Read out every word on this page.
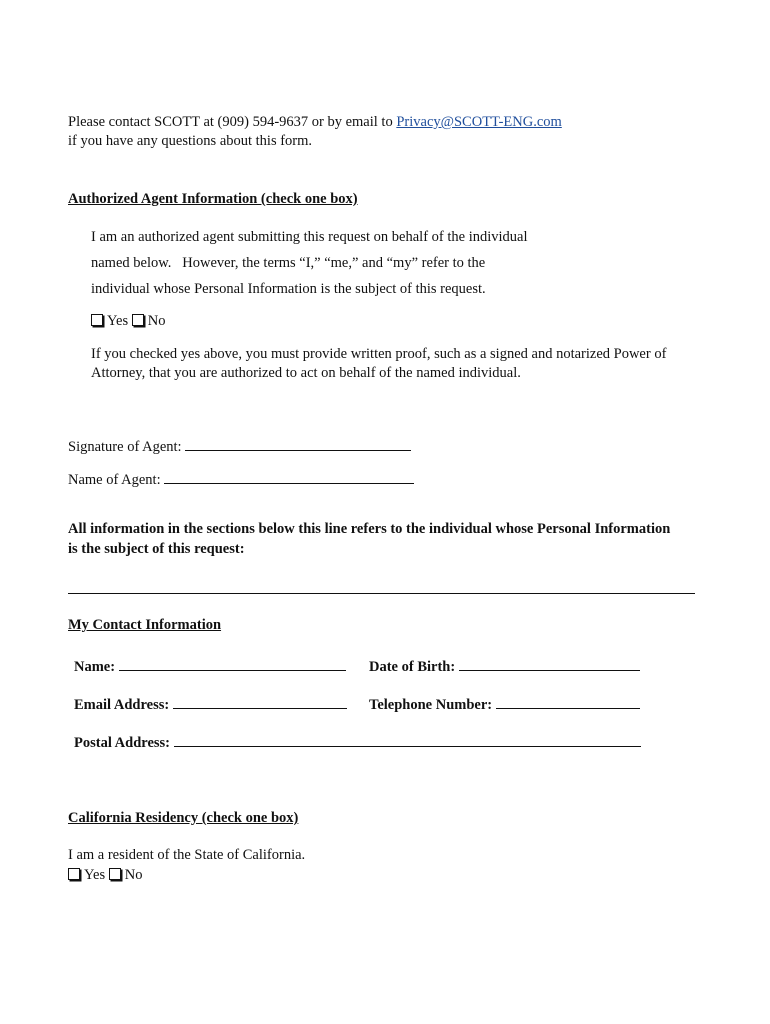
Please contact SCOTT at (909) 594-9637 or by email to Privacy@SCOTT-ENG.com
if you have any questions about this form.
Authorized Agent Information (check one box)
I am an authorized agent submitting this request on behalf of the individual
named below.   However, the terms “I,” “me,” and “my” refer to the
individual whose Personal Information is the subject of this request.
Yes No
If you checked yes above, you must provide written proof, such as a signed and notarized Power of
Attorney, that you are authorized to act on behalf of the named individual.
Signature of Agent:
Name of Agent:
All information in the sections below this line refers to the individual whose Personal Information
is the subject of this request:
My Contact Information
Name:	Date of Birth:
Email Address:	Telephone Number:
Postal Address:
California Residency (check one box)
I am a resident of the State of California.
Yes No
